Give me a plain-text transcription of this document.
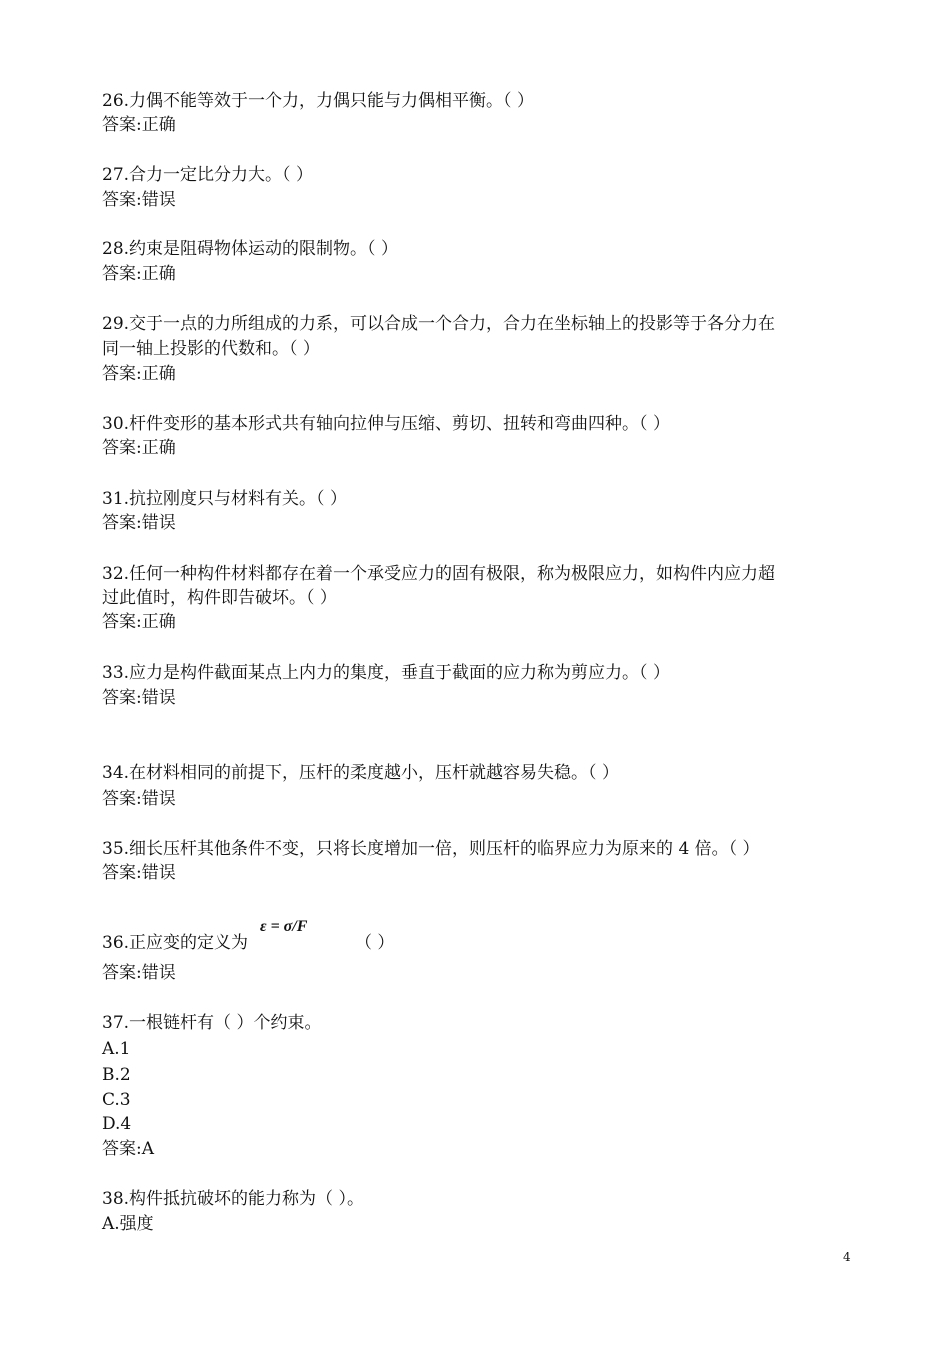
26.力偶不能等效于一个力，力偶只能与力偶相平衡。（ ）
答案:正确
27.合力一定比分力大。（ ）
答案:错误
28.约束是阻碍物体运动的限制物。（ ）
答案:正确
29.交于一点的力所组成的力系，可以合成一个合力，合力在坐标轴上的投影等于各分力在
同一轴上投影的代数和。（ ）
答案:正确
30.杆件变形的基本形式共有轴向拉伸与压缩、剪切、扭转和弯曲四种。（ ）
答案:正确
31.抗拉刚度只与材料有关。（ ）
答案:错误
32.任何一种构件材料都存在着一个承受应力的固有极限，称为极限应力，如构件内应力超
过此值时，构件即告破坏。（ ）
答案:正确
33.应力是构件截面某点上内力的集度，垂直于截面的应力称为剪应力。（ ）
答案:错误
34.在材料相同的前提下，压杆的柔度越小，压杆就越容易失稳。（ ）
答案:错误
35.细长压杆其他条件不变，只将长度增加一倍，则压杆的临界应力为原来的 4 倍。（ ）
答案:错误
36.正应变的定义为
ε = σ/F
（ ）
答案:错误
37.一根链杆有（ ）个约束。
A.1
B.2
C.3
D.4
答案:A
38.构件抵抗破坏的能力称为（ ）。
A.强度
4
